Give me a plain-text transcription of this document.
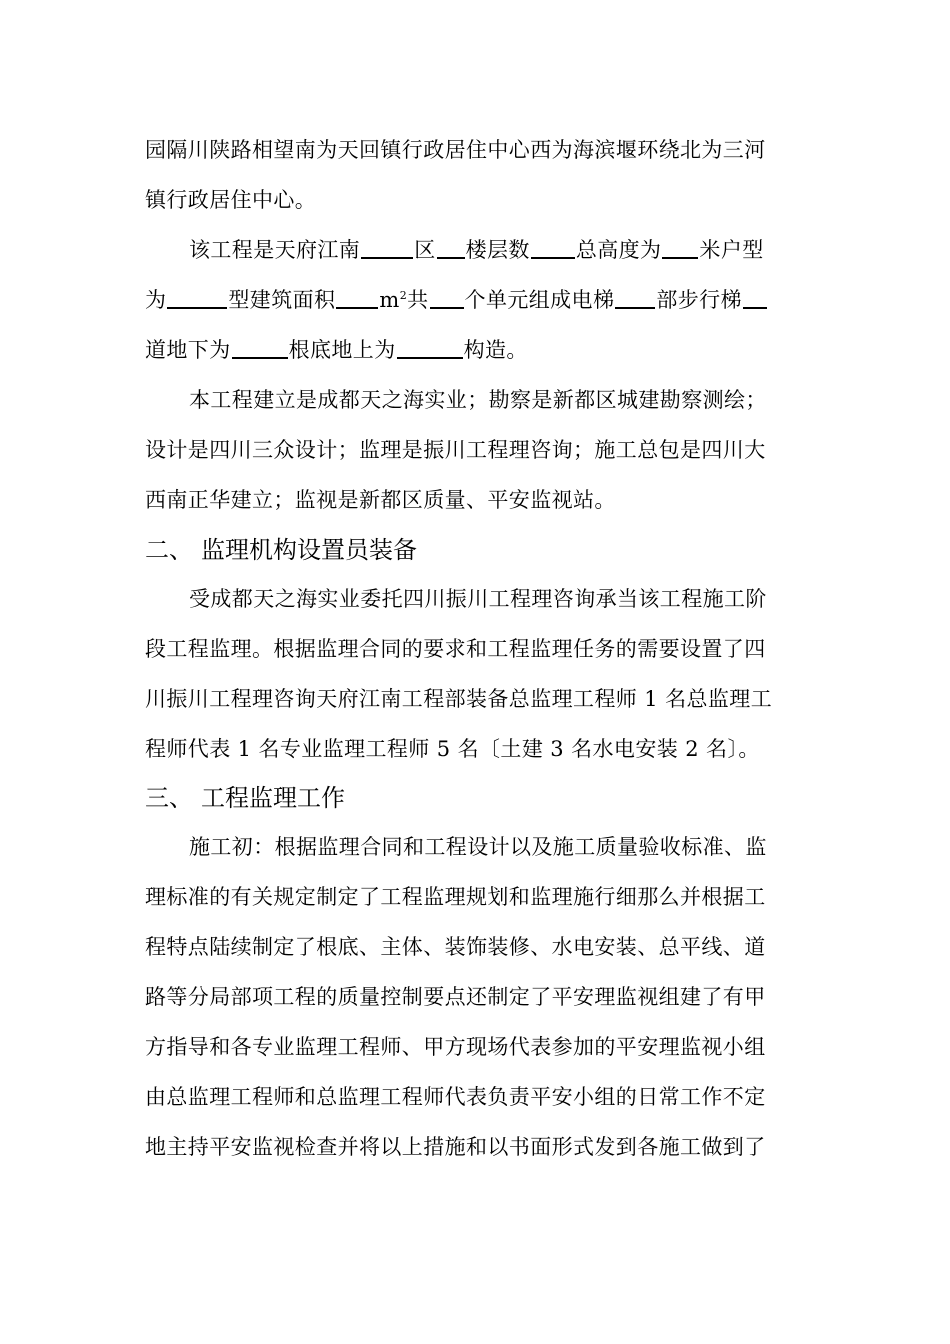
园隔川陕路相望南为天回镇行政居住中心西为海滨堰环绕北为三河
镇行政居住中心。
该工程是天府江南	区 楼层数 总高度为 米户型
为	型建筑面积 $m^2$共 个单元组成电梯 部步行梯
道地下为	根底地上为	构造。
本工程建立是成都天之海实业；勘察是新都区城建勘察测绘；
设计是四川三众设计；监理是振川工程理咨询；施工总包是四川大
西南正华建立；监视是新都区质量、平安监视站。
二、 监理机构设置员装备
受成都天之海实业委托四川振川工程理咨询承当该工程施工阶
段工程监理。根据监理合同的要求和工程监理任务的需要设置了四
川振川工程理咨询天府江南工程部装备总监理工程师 1 名总监理工
程师代表 1 名专业监理工程师 5 名〔土建 3 名水电安装 2 名〕。
三、 工程监理工作
施工初：根据监理合同和工程设计以及施工质量验收标准、监
理标准的有关规定制定了工程监理规划和监理施行细那么并根据工
程特点陆续制定了根底、主体、装饰装修、水电安装、总平线、道
路等分局部项工程的质量控制要点还制定了平安理监视组建了有甲
方指导和各专业监理工程师、甲方现场代表参加的平安理监视小组
由总监理工程师和总监理工程师代表负责平安小组的日常工作不定
地主持平安监视检查并将以上措施和以书面形式发到各施工做到了
